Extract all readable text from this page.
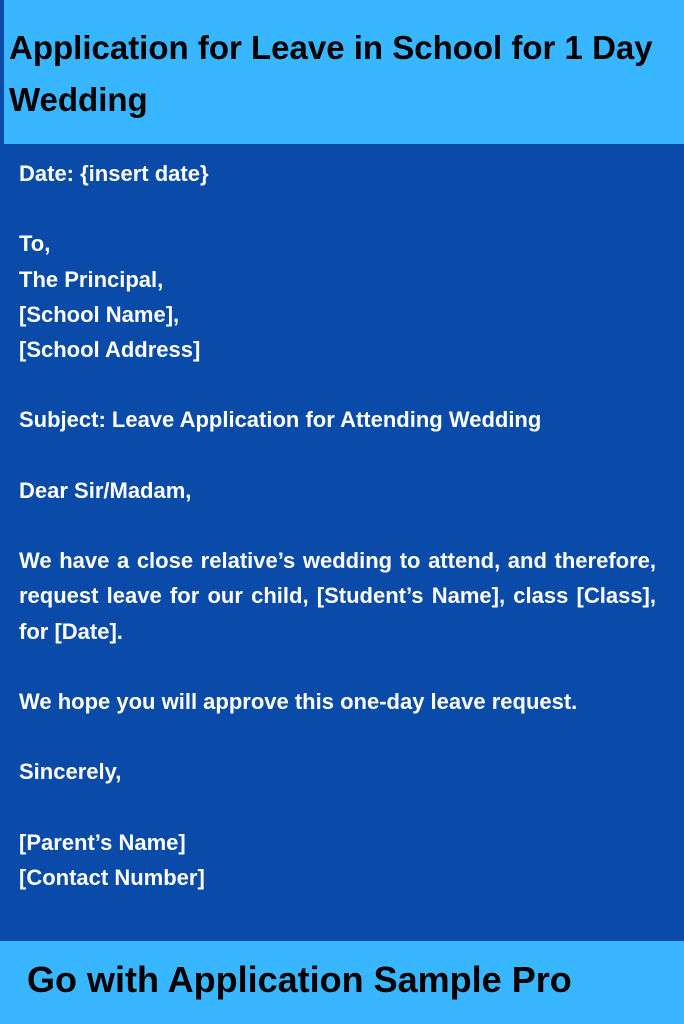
Application for Leave in School for 1 Day Wedding

Date: {insert date}

To,

The Principal,

[School Name],

[School Address]

Subject: Leave Application for Attending Wedding

Dear Sir/Madam,

We have a close relative’s wedding to attend, and therefore, request leave for our child, [Student’s Name], class [Class], for [Date].

We hope you will approve this one-day leave request.

Sincerely,

[Parent’s Name]

[Contact Number]

Go with Application Sample Pro
